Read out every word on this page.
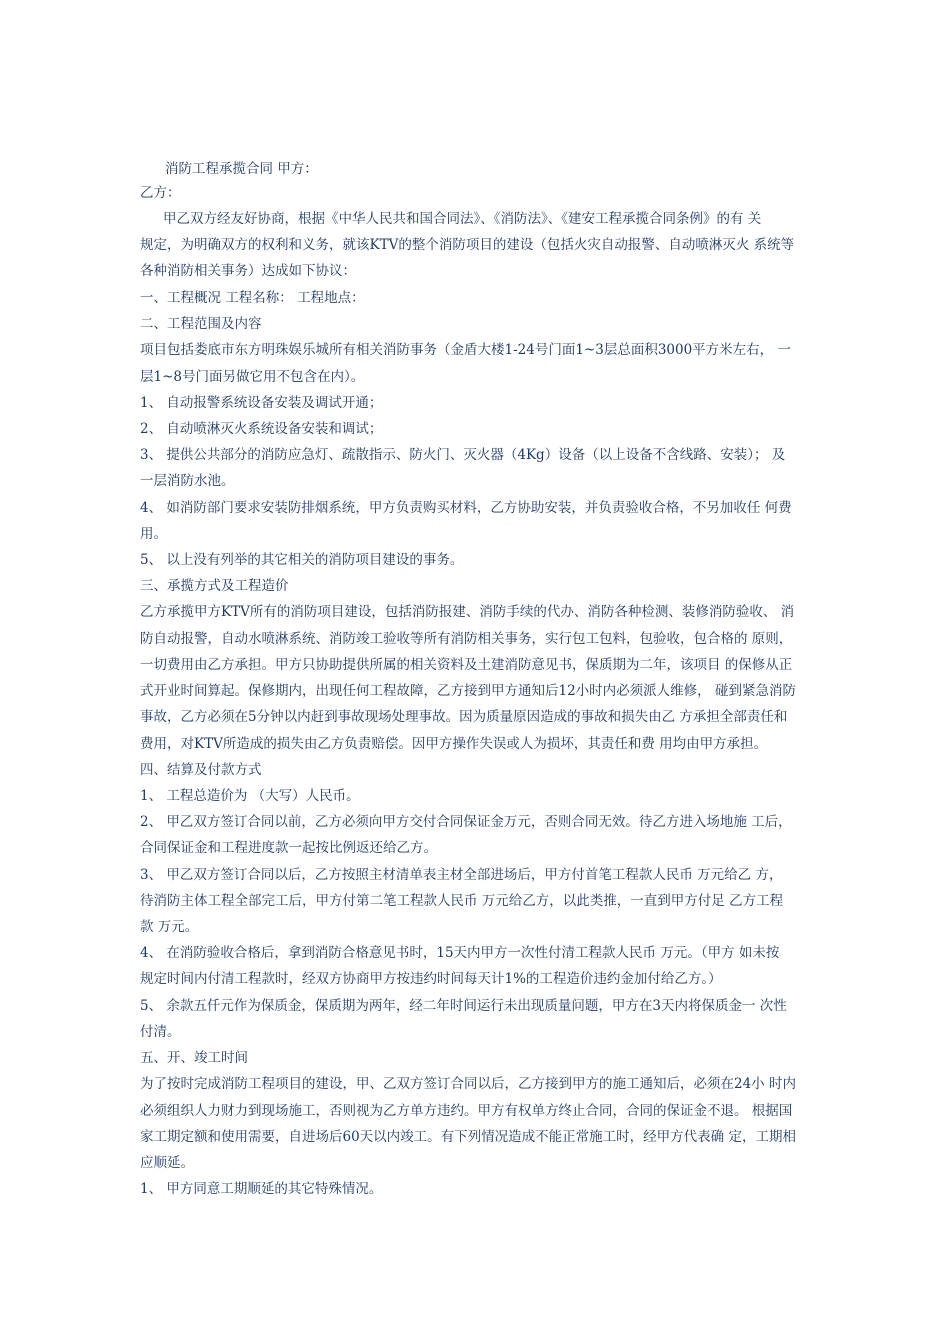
消防工程承揽合同 甲方：
乙方：
甲乙双方经友好协商，根据《中华人民共和国合同法》、《消防法》、《建安工程承揽合同条例》的有 关
规定，为明确双方的权利和义务，就该KTV的整个消防项目的建设（包括火灾自动报警、自动喷淋灭火 系统等
各种消防相关事务）达成如下协议：
一、工程概况 工程名称： 工程地点：
二、工程范围及内容
项目包括娄底市东方明珠娱乐城所有相关消防事务（金盾大楼1-24号门面1~3层总面积3000平方米左右， 一
层1~8号门面另做它用不包含在内）。
1、 自动报警系统设备安装及调试开通；
2、 自动喷淋灭火系统设备安装和调试；
3、 提供公共部分的消防应急灯、疏散指示、防火门、灭火器（4Kg）设备（以上设备不含线路、安装）； 及
一层消防水池。
4、 如消防部门要求安装防排烟系统，甲方负责购买材料，乙方协助安装，并负责验收合格，不另加收任 何费
用。
5、 以上没有列举的其它相关的消防项目建设的事务。
三、承揽方式及工程造价
乙方承揽甲方KTV所有的消防项目建设，包括消防报建、消防手续的代办、消防各种检测、装修消防验收、 消
防自动报警，自动水喷淋系统、消防竣工验收等所有消防相关事务，实行包工包料，包验收，包合格的 原则，
一切费用由乙方承担。甲方只协助提供所属的相关资料及土建消防意见书，保质期为二年，该项目 的保修从正
式开业时间算起。保修期内，出现任何工程故障，乙方接到甲方通知后12小时内必须派人维修， 碰到紧急消防
事故，乙方必须在5分钟以内赶到事故现场处理事故。因为质量原因造成的事故和损失由乙 方承担全部责任和
费用，对KTV所造成的损失由乙方负责赔偿。因甲方操作失误或人为损坏，其责任和费 用均由甲方承担。
四、结算及付款方式
1、 工程总造价为 （大写）人民币。
2、 甲乙双方签订合同以前，乙方必须向甲方交付合同保证金万元，否则合同无效。待乙方进入场地施 工后，
合同保证金和工程进度款一起按比例返还给乙方。
3、 甲乙双方签订合同以后，乙方按照主材清单表主材全部进场后，甲方付首笔工程款人民币 万元给乙 方，
待消防主体工程全部完工后，甲方付第二笔工程款人民币 万元给乙方，以此类推，一直到甲方付足 乙方工程
款 万元。
4、 在消防验收合格后，拿到消防合格意见书时，15天内甲方一次性付清工程款人民币 万元。（甲方 如未按
规定时间内付清工程款时，经双方协商甲方按违约时间每天计1%的工程造价违约金加付给乙方。）
5、 余款五仟元作为保质金，保质期为两年，经二年时间运行未出现质量问题，甲方在3天内将保质金一 次性
付清。
五、开、竣工时间
为了按时完成消防工程项目的建设，甲、乙双方签订合同以后，乙方接到甲方的施工通知后，必须在24小 时内
必须组织人力财力到现场施工，否则视为乙方单方违约。甲方有权单方终止合同，合同的保证金不退。 根据国
家工期定额和使用需要，自进场后60天以内竣工。有下列情况造成不能正常施工时，经甲方代表确 定，工期相
应顺延。
1、 甲方同意工期顺延的其它特殊情况。
